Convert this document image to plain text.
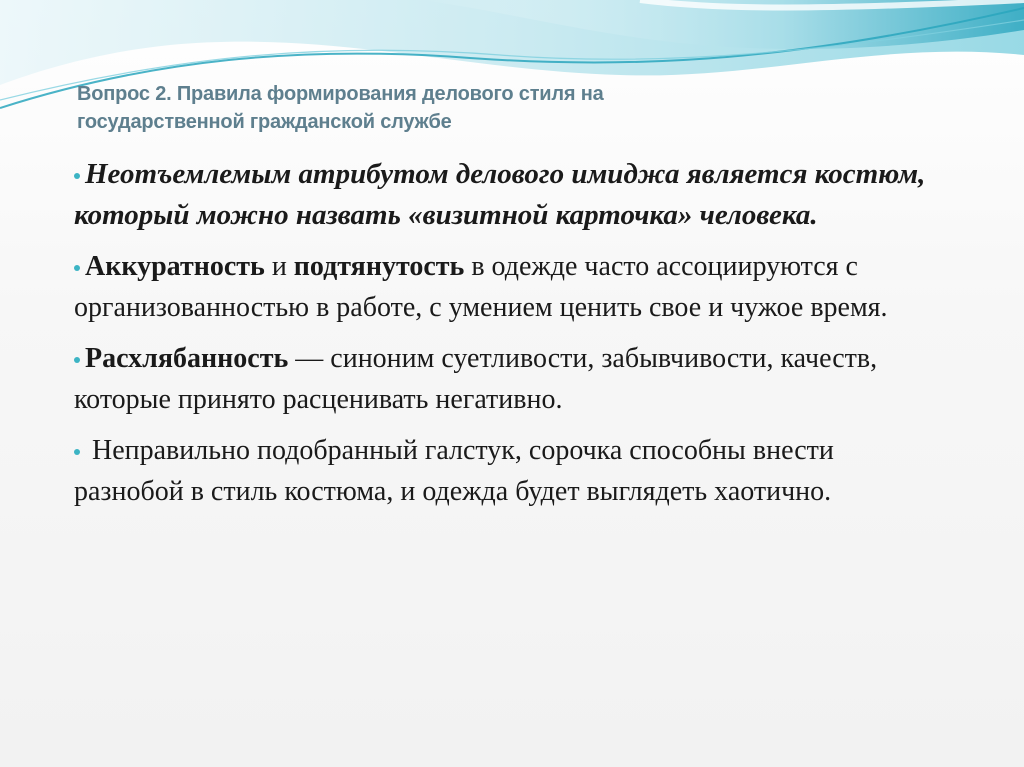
Вопрос 2. Правила формирования делового стиля на
государственной гражданской службе

Неотъемлемым атрибутом делового имиджа является костюм, который можно назвать «визитной карточка» человека.

Аккуратность и подтянутость в одежде часто ассоциируются с организованностью в работе, с умением ценить свое и чужое время.

Расхлябанность — синоним суетливости, забывчивости, качеств, которые принято расценивать негативно.

Неправильно подобранный галстук, сорочка способны внести разнобой в стиль костюма, и одежда будет выглядеть хаотично.
